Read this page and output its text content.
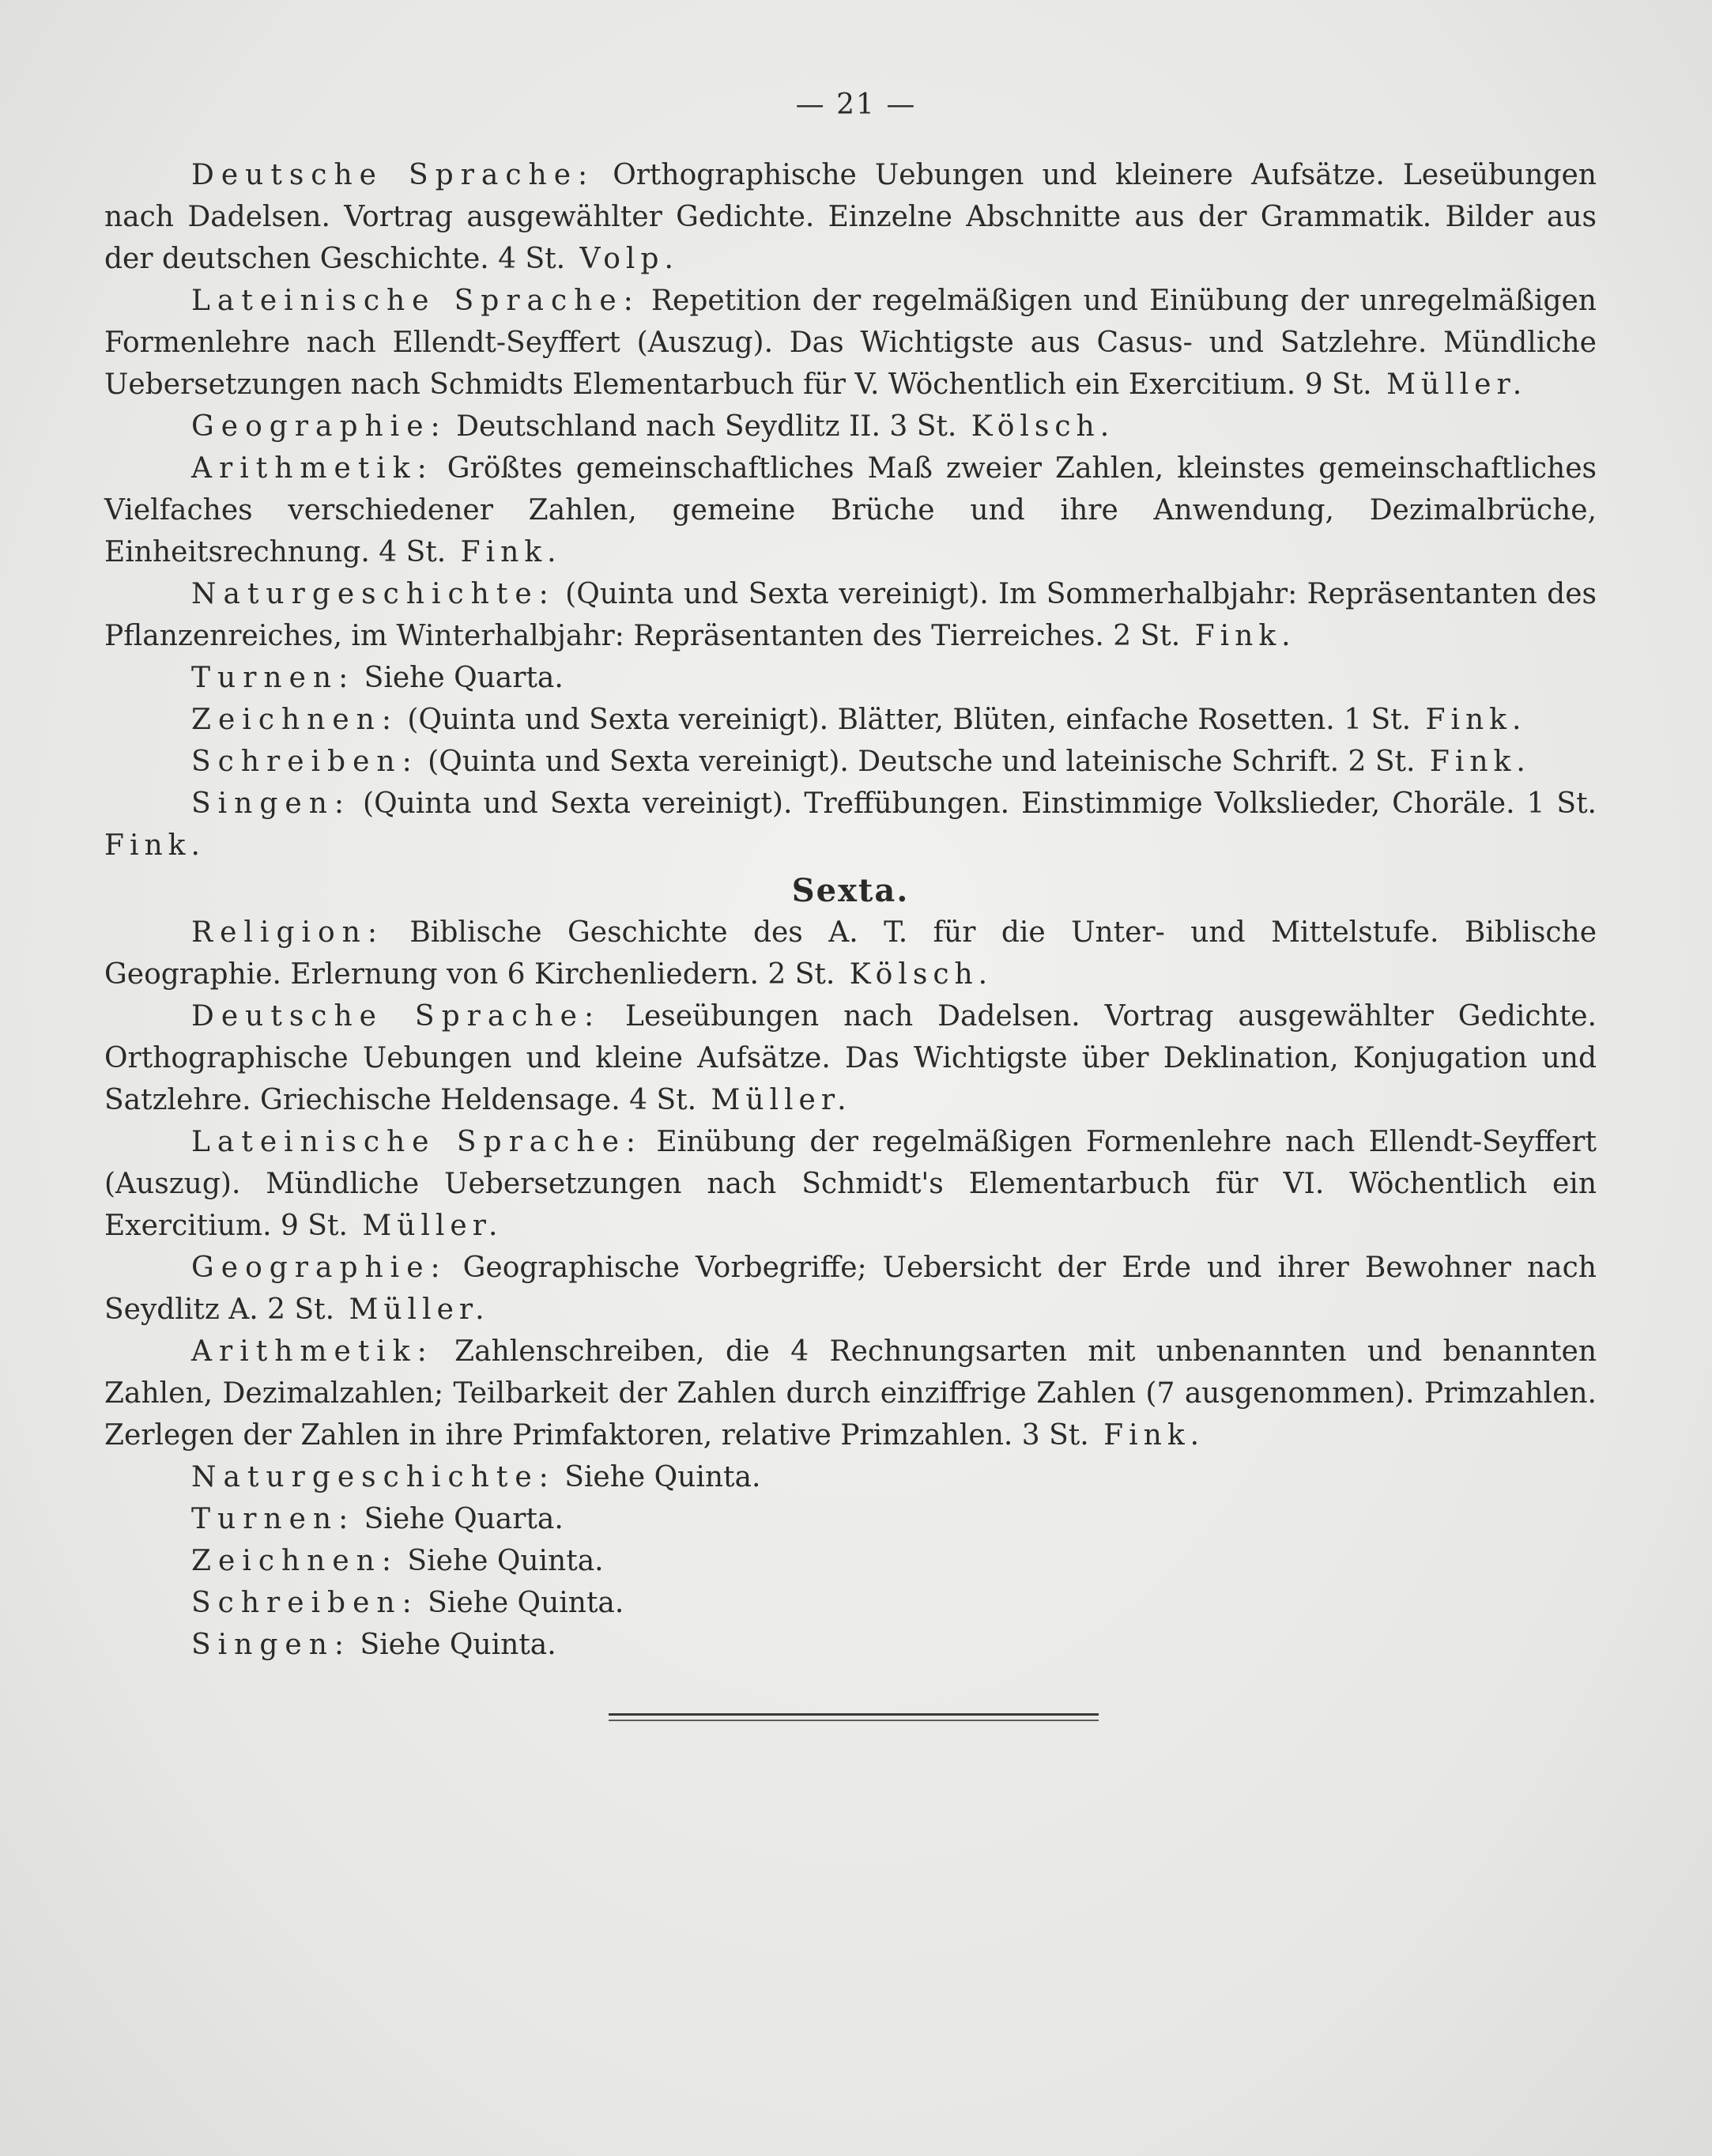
— 21 —

Deutsche Sprache: Orthographische Uebungen und kleinere Aufsätze. Leseübungen nach Dadelsen. Vortrag ausgewählter Gedichte. Einzelne Abschnitte aus der Grammatik. Bilder aus der deutschen Geschichte. 4 St. Volp.

Lateinische Sprache: Repetition der regelmäßigen und Einübung der unregelmäßigen Formenlehre nach Ellendt-Seyffert (Auszug). Das Wichtigste aus Casus- und Satzlehre. Mündliche Uebersetzungen nach Schmidts Elementarbuch für V. Wöchentlich ein Exercitium. 9 St. Müller.

Geographie: Deutschland nach Seydlitz II. 3 St. Kölsch.

Arithmetik: Größtes gemeinschaftliches Maß zweier Zahlen, kleinstes gemeinschaftliches Vielfaches verschiedener Zahlen, gemeine Brüche und ihre Anwendung, Dezimalbrüche, Einheitsrechnung. 4 St. Fink.

Naturgeschichte: (Quinta und Sexta vereinigt). Im Sommerhalbjahr: Repräsentanten des Pflanzenreiches, im Winterhalbjahr: Repräsentanten des Tierreiches. 2 St. Fink.

Turnen: Siehe Quarta.

Zeichnen: (Quinta und Sexta vereinigt). Blätter, Blüten, einfache Rosetten. 1 St. Fink.

Schreiben: (Quinta und Sexta vereinigt). Deutsche und lateinische Schrift. 2 St. Fink.

Singen: (Quinta und Sexta vereinigt). Treffübungen. Einstimmige Volkslieder, Choräle. 1 St. Fink.

Sexta.

Religion: Biblische Geschichte des A. T. für die Unter- und Mittelstufe. Biblische Geographie. Erlernung von 6 Kirchenliedern. 2 St. Kölsch.

Deutsche Sprache: Leseübungen nach Dadelsen. Vortrag ausgewählter Gedichte. Orthographische Uebungen und kleine Aufsätze. Das Wichtigste über Deklination, Konjugation und Satzlehre. Griechische Heldensage. 4 St. Müller.

Lateinische Sprache: Einübung der regelmäßigen Formenlehre nach Ellendt-Seyffert (Auszug). Mündliche Uebersetzungen nach Schmidt's Elementarbuch für VI. Wöchentlich ein Exercitium. 9 St. Müller.

Geographie: Geographische Vorbegriffe; Uebersicht der Erde und ihrer Bewohner nach Seydlitz A. 2 St. Müller.

Arithmetik: Zahlenschreiben, die 4 Rechnungsarten mit unbenannten und benannten Zahlen, Dezimalzahlen; Teilbarkeit der Zahlen durch einziffrige Zahlen (7 ausgenommen). Primzahlen. Zerlegen der Zahlen in ihre Primfaktoren, relative Primzahlen. 3 St. Fink.

Naturgeschichte: Siehe Quinta.

Turnen: Siehe Quarta.

Zeichnen: Siehe Quinta.

Schreiben: Siehe Quinta.

Singen: Siehe Quinta.
